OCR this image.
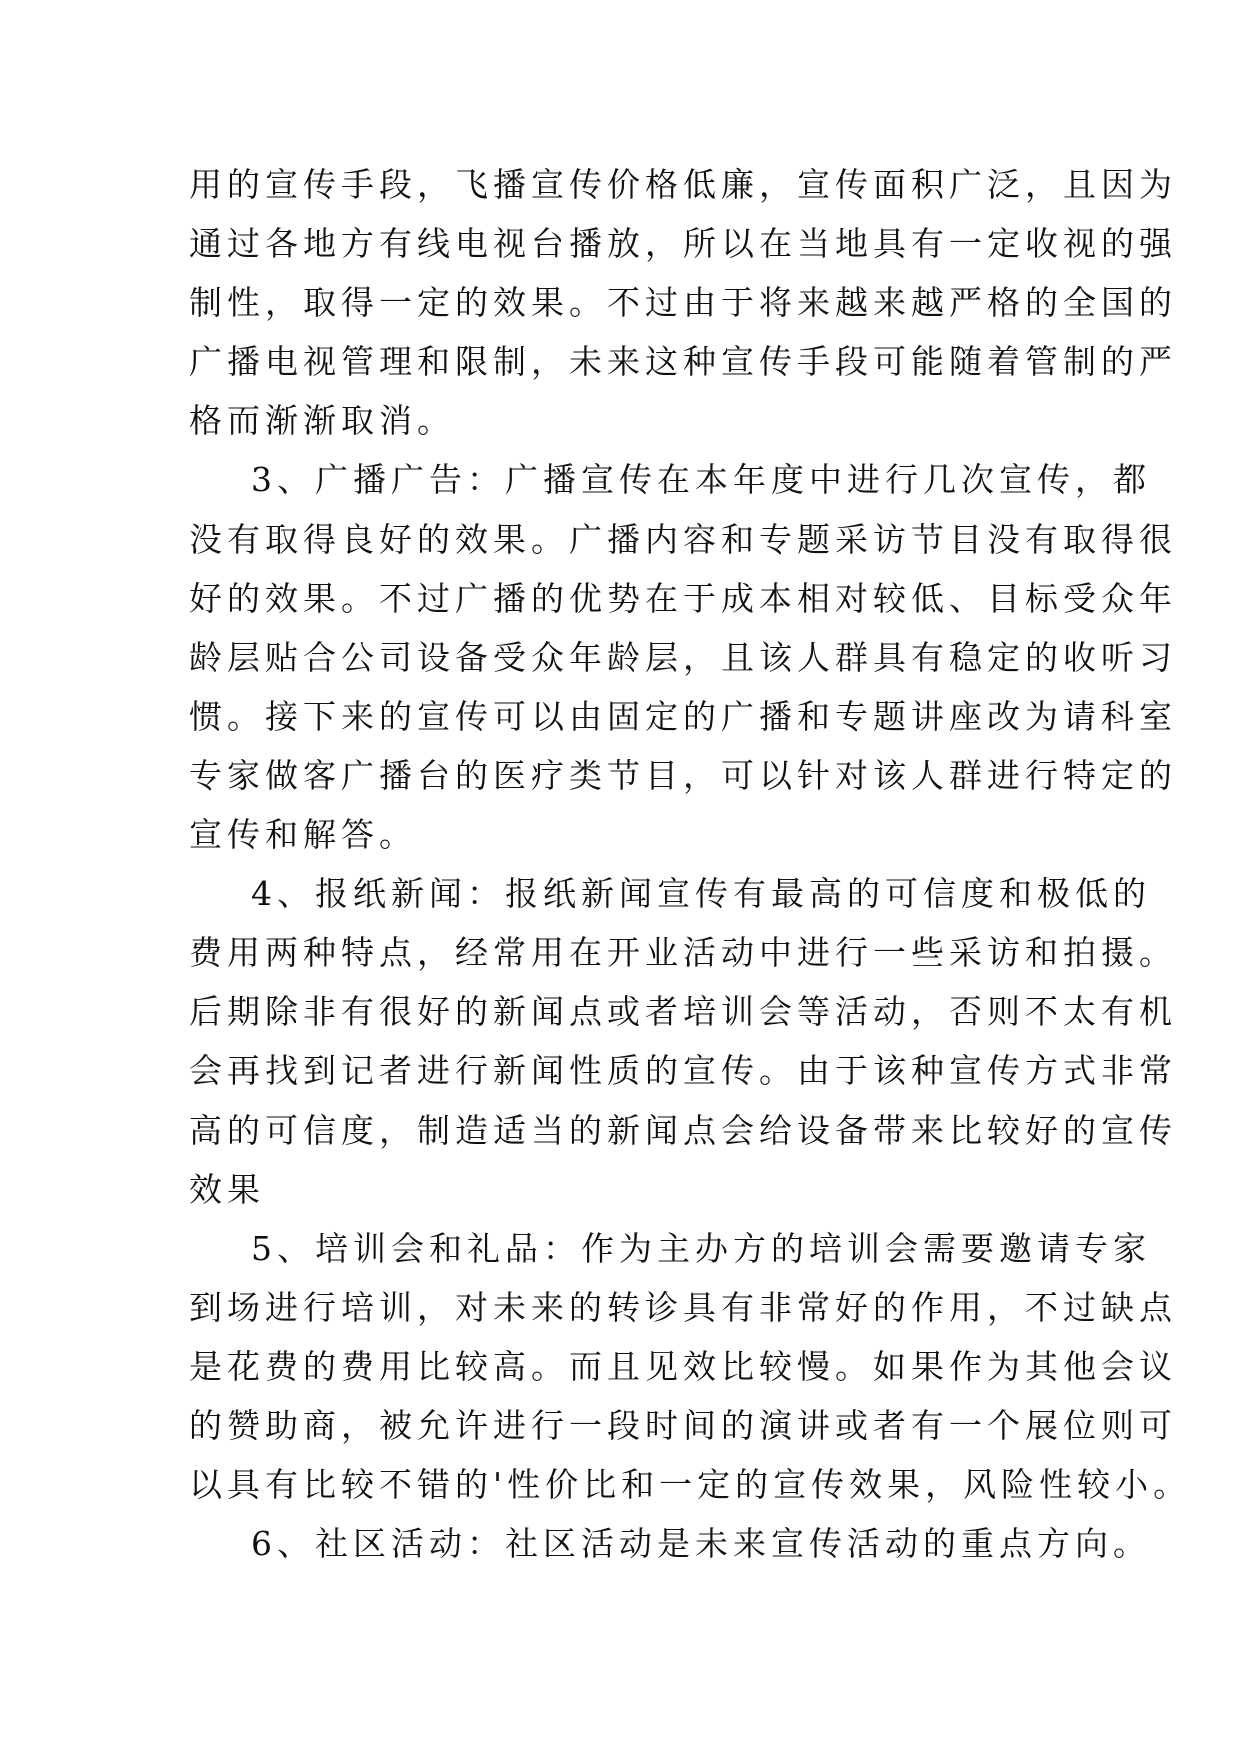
用的宣传手段，飞播宣传价格低廉，宣传面积广泛，且因为
通过各地方有线电视台播放，所以在当地具有一定收视的强
制性，取得一定的效果。不过由于将来越来越严格的全国的
广播电视管理和限制，未来这种宣传手段可能随着管制的严
格而渐渐取消。
3、广播广告：广播宣传在本年度中进行几次宣传，都
没有取得良好的效果。广播内容和专题采访节目没有取得很
好的效果。不过广播的优势在于成本相对较低、目标受众年
龄层贴合公司设备受众年龄层，且该人群具有稳定的收听习
惯。接下来的宣传可以由固定的广播和专题讲座改为请科室
专家做客广播台的医疗类节目，可以针对该人群进行特定的
宣传和解答。
4、报纸新闻：报纸新闻宣传有最高的可信度和极低的
费用两种特点，经常用在开业活动中进行一些采访和拍摄。
后期除非有很好的新闻点或者培训会等活动，否则不太有机
会再找到记者进行新闻性质的宣传。由于该种宣传方式非常
高的可信度，制造适当的新闻点会给设备带来比较好的宣传
效果
5、培训会和礼品：作为主办方的培训会需要邀请专家
到场进行培训，对未来的转诊具有非常好的作用，不过缺点
是花费的费用比较高。而且见效比较慢。如果作为其他会议
的赞助商，被允许进行一段时间的演讲或者有一个展位则可
以具有比较不错的'性价比和一定的宣传效果，风险性较小。
6、社区活动：社区活动是未来宣传活动的重点方向。
